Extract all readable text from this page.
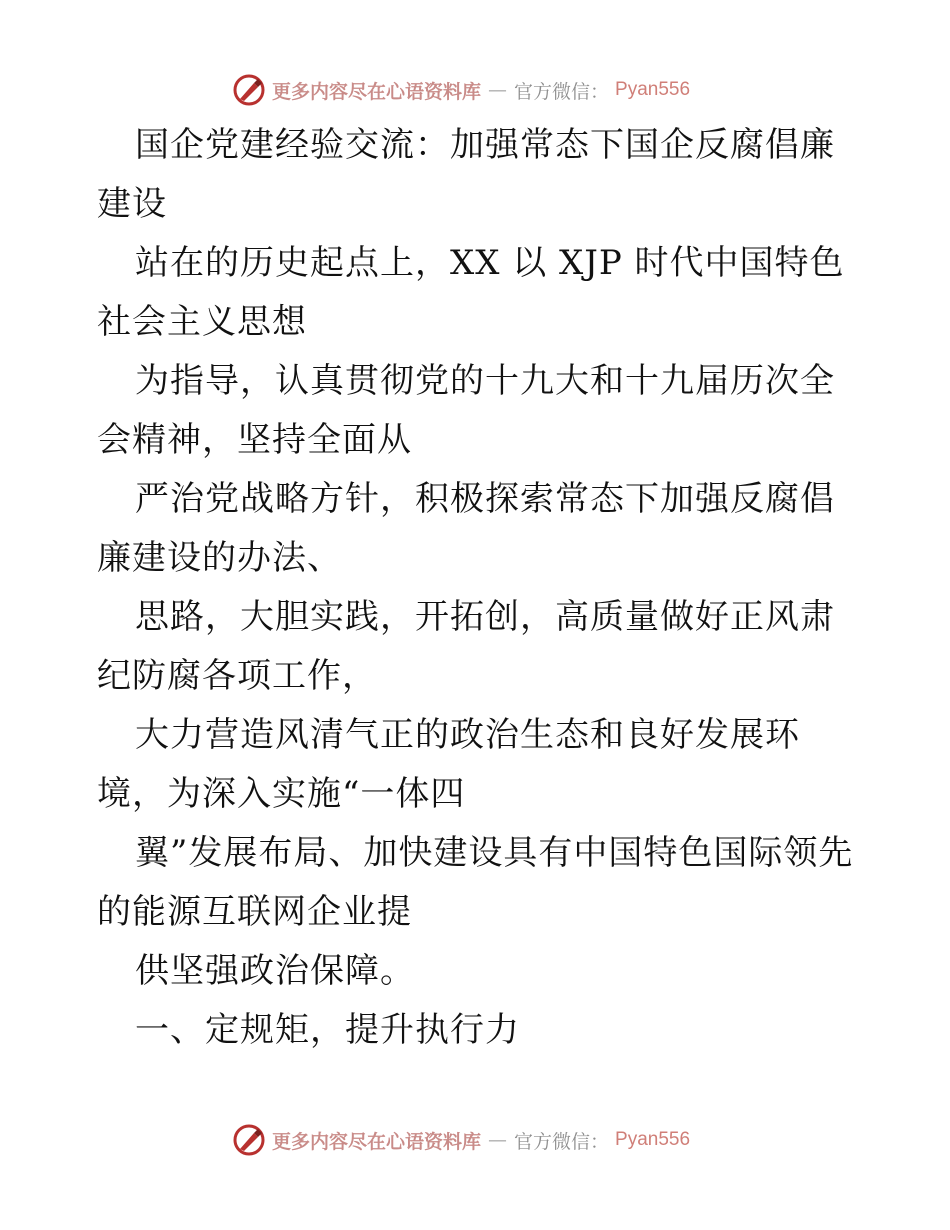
更多内容尽在心语资料库 — 官方微信： Pyan556

国企党建经验交流：加强常态下国企反腐倡廉建设

站在的历史起点上，XX 以 XJP 时代中国特色社会主义思想

为指导，认真贯彻党的十九大和十九届历次全会精神，坚持全面从

严治党战略方针，积极探索常态下加强反腐倡廉建设的办法、

思路，大胆实践，开拓创，高质量做好正风肃纪防腐各项工作，

大力营造风清气正的政治生态和良好发展环境，为深入实施“一体四

翼”发展布局、加快建设具有中国特色国际领先的能源互联网企业提

供坚强政治保障。

一、定规矩，提升执行力

更多内容尽在心语资料库 — 官方微信： Pyan556
